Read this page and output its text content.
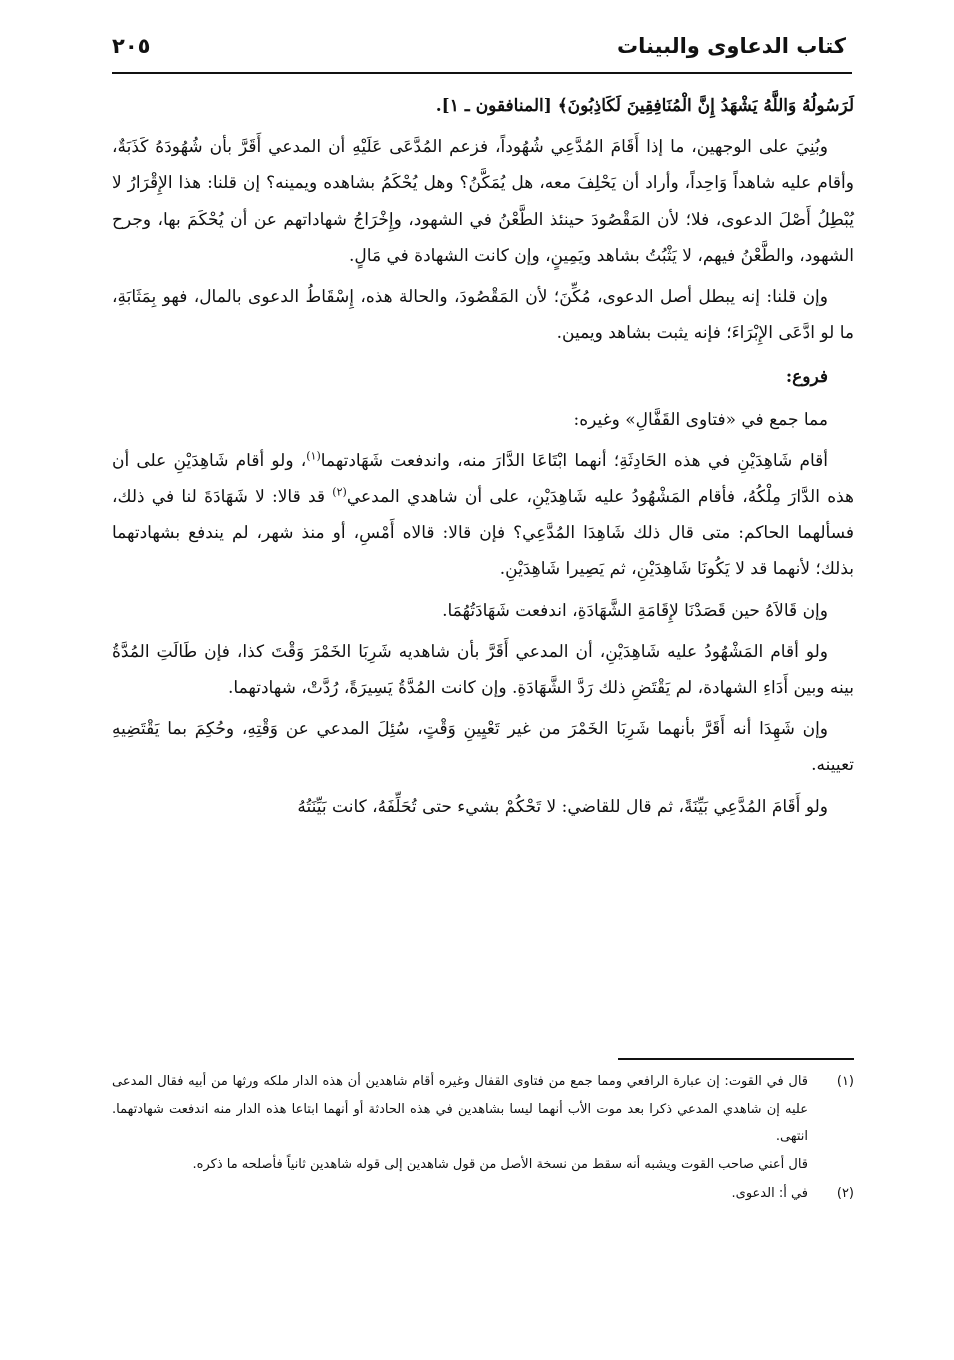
كتاب الدعاوى والبينات
٢٠٥

لَرَسُولُهُ وَاللَّهُ يَشْهَدُ إِنَّ الْمُنَافِقِينَ لَكَاذِبُونَ﴾ [المنافقون ـ ١].

وبُنِيَ على الوجهين، ما إذا أَقَامَ المُدَّعِي شُهُوداً، فزعم المُدَّعَى عَلَيْهِ أن المدعي أَقَرَّ بأن شُهُودَهُ كَذَبَةٌ، وأقام عليه شاهداً وَاحِداً، وأراد أن يَحْلِفَ معه، هل يُمَكَّنُ؟ وهل يُحْكَمُ بشاهده ويمينه؟ إن قلنا: هذا الإِقْرَارُ لا يُبْطِلُ أَصْلَ الدعوى، فلا؛ لأن المَقْصُودَ حينئذ الطَّعْنُ في الشهود، وإِخْرَاجُ شهاداتهم عن أن يُحْكَمَ بها، وجرح الشهود، والطَّعْنُ فيهم، لا يَثْبُتُ بشاهد ويَمِينٍ، وإن كانت الشهادة في مَالٍ.

وإن قلنا: إنه يبطل أصل الدعوى، مُكِّنَ؛ لأن المَقْصُودَ، والحالة هذه، إِسْقَاطُ الدعوى بالمال، فهو بِمَثَابَةِ، ما لو ادَّعَى الإِبْرَاءَ؛ فإنه يثبت بشاهد ويمين.

فروع:

مما جمع في «فتاوى القَفَّالِ» وغيره:

أقام شَاهِدَيْنِ في هذه الحَادِثَةِ؛ أنهما ابْتَاعَا الدَّارَ منه، واندفعت شَهَادتهما$^{(١)}$، ولو أقام شَاهِدَيْنِ على أن هذه الدَّارَ مِلْكُهُ، فأقام المَشْهُودُ عليه شَاهِدَيْنِ، على أن شاهدي المدعي$^{(٢)}$ قد قالا: لا شَهَادَةَ لنا في ذلك، فسألهما الحاكم: متى قال ذلك شَاهِدَا المُدَّعِي؟ فإن قالا: قالاه أَمْسِ، أو منذ شهر، لم يندفع بشهادتهما بذلك؛ لأنهما قد لا يَكُونَا شَاهِدَيْنِ، ثم يَصِيرا شَاهِدَيْنِ.

وإن قَالاَهُ حين قَصَدْنَا لإِقَامَةِ الشَّهَادَةِ، اندفعت شَهَادَتُهُمَا.

ولو أقام المَشْهُودُ عليه شَاهِدَيْنِ، أن المدعي أَقَرَّ بأن شاهديه شَرِبَا الخَمْرَ وَقْتَ كذا، فإن طَالَتِ المُدَّةُ بينه وبين أَدَاءِ الشهادة، لم يَقْتَضِ ذلك رَدَّ الشَّهَادَةِ. وإن كانت المُدَّةُ يَسِيرَةً، رُدَّتْ، شهادتهما.

وإن شَهِدَا أنه أَقَرَّ بأنهما شَرِبَا الخَمْرَ من غير تَعْيِينِ وَقْتٍ، سُئِلَ المدعي عن وَقْتِهِ، وحُكِمَ بما يَقْتَضِيهِ تعيينه.

ولو أَقَامَ المُدَّعِي بَيِّنَةً، ثم قال للقاضي: لا تَحْكُمْ بشيء حتى تُحَلِّفَهُ، كانت بَيِّنَتُهُ

(١)

قال في القوت: إن عبارة الرافعي ومما جمع من فتاوى القفال وغيره أقام شاهدين أن هذه الدار ملكه ورثها من أبيه فقال المدعى عليه إن شاهدي المدعي ذكرا بعد موت الأب أنهما ليسا بشاهدين في هذه الحادثة أو أنهما ابتاعا هذه الدار منه اندفعت شهادتهما. انتهى.

قال أعني صاحب القوت ويشبه أنه سقط من نسخة الأصل من قول شاهدين إلى قوله شاهدين ثانياً فأصلحه ما ذكره.

(٢)

في أ: الدعوى.
